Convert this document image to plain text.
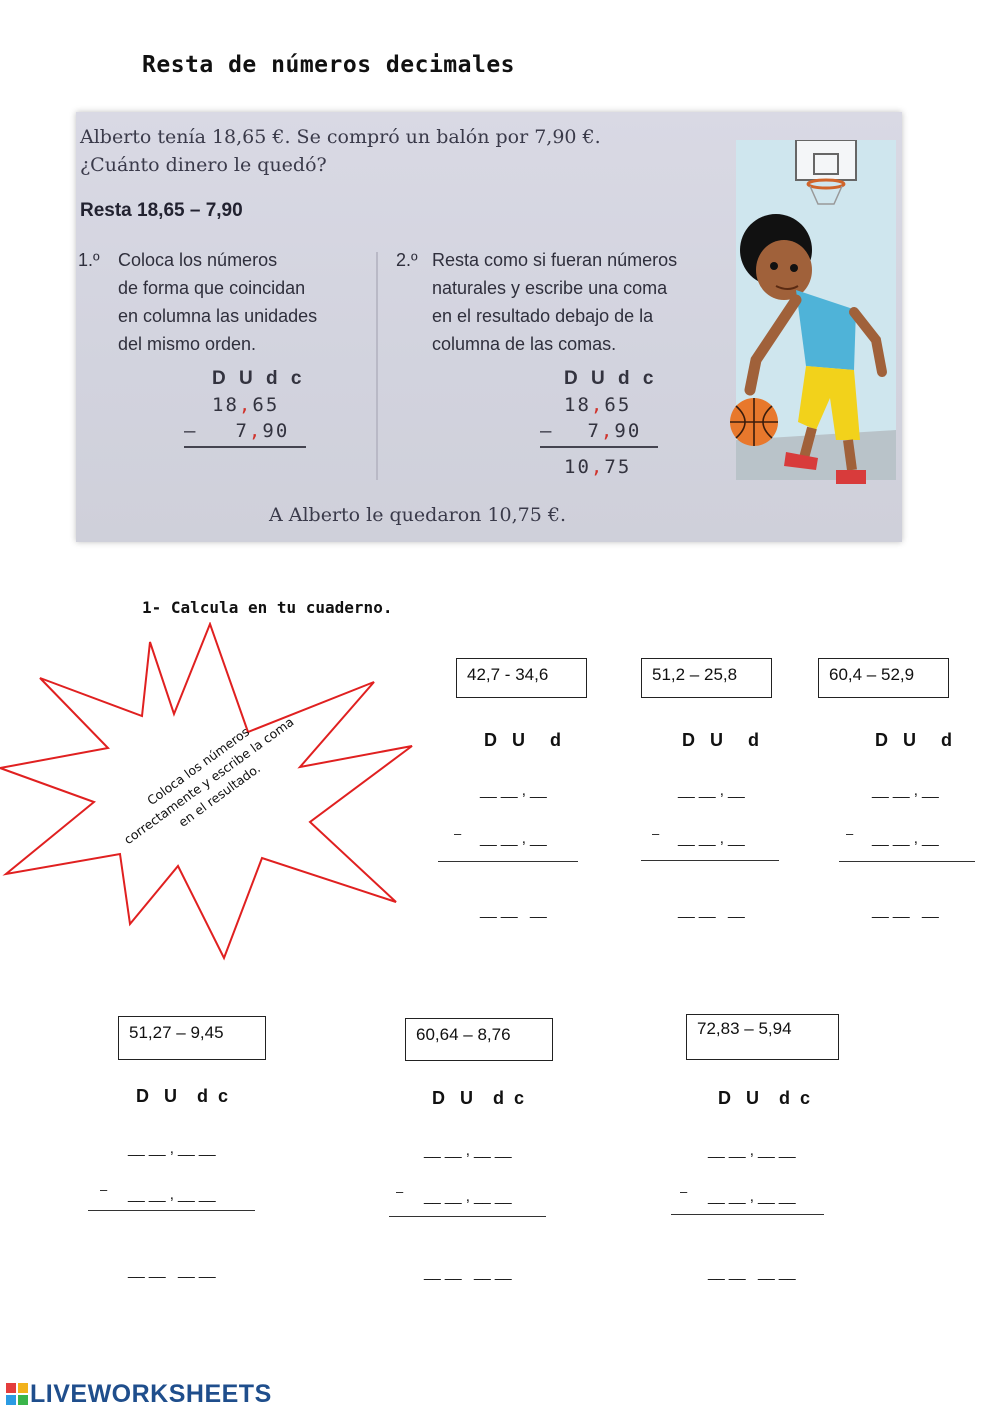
Resta de números decimales
Alberto tenía 18,65 €. Se compró un balón por 7,90 €.
¿Cuánto dinero le quedó?
Resta 18,65 – 7,90
1.º Coloca los números
de forma que coincidan
en columna las unidades
del mismo orden.
2.º Resta como si fueran números
naturales y escribe una coma
en el resultado debajo de la
columna de las comas.
D U d c
18,65
– 7,90
D U d c
18,65
– 7,90
10,75
A Alberto le quedaron 10,75 €.
1- Calcula en tu cuaderno.
Coloca los números correctamente y escribe la coma en el resultado.
42,7 - 34,6
D   U     d
__ __ , __
– __ __ , __
__ __   __
51,2 – 25,8
D   U     d
__ __ , __
– __ __ , __
__ __   __
60,4 – 52,9
D   U     d
__ __ , __
– __ __ , __
__ __   __
51,27 – 9,45
D   U    d  c
__ __ , __ __
– __ __ , __ __
__ __   __ __
60,64 – 8,76
D   U    d  c
__ __ , __ __
– __ __ , __ __
__ __   __ __
72,83 – 5,94
D   U    d  c
__ __ , __ __
– __ __ , __ __
__ __   __ __
LIVEWORKSHEETS
